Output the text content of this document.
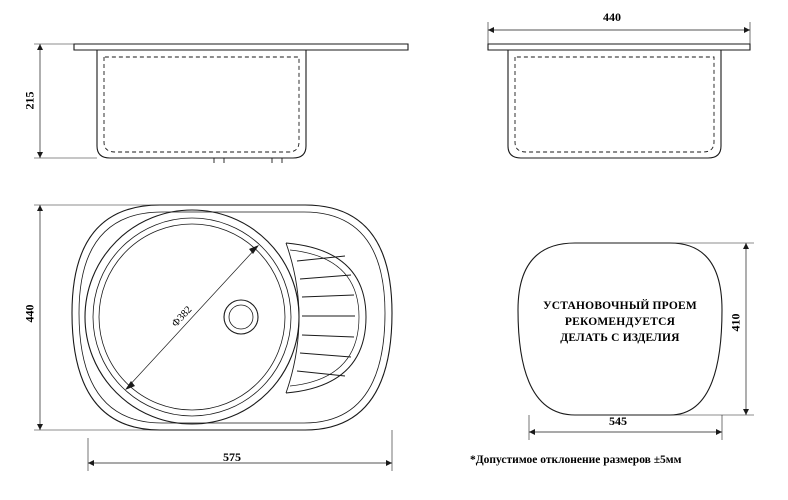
215
440
440
575
Ф382	410
545
УСТАНОВОЧНЫЙ ПРОЕМ
РЕКОМЕНДУЕТСЯ
ДЕЛАТЬ С ИЗДЕЛИЯ
*Допустимое отклонение размеров ±5мм
